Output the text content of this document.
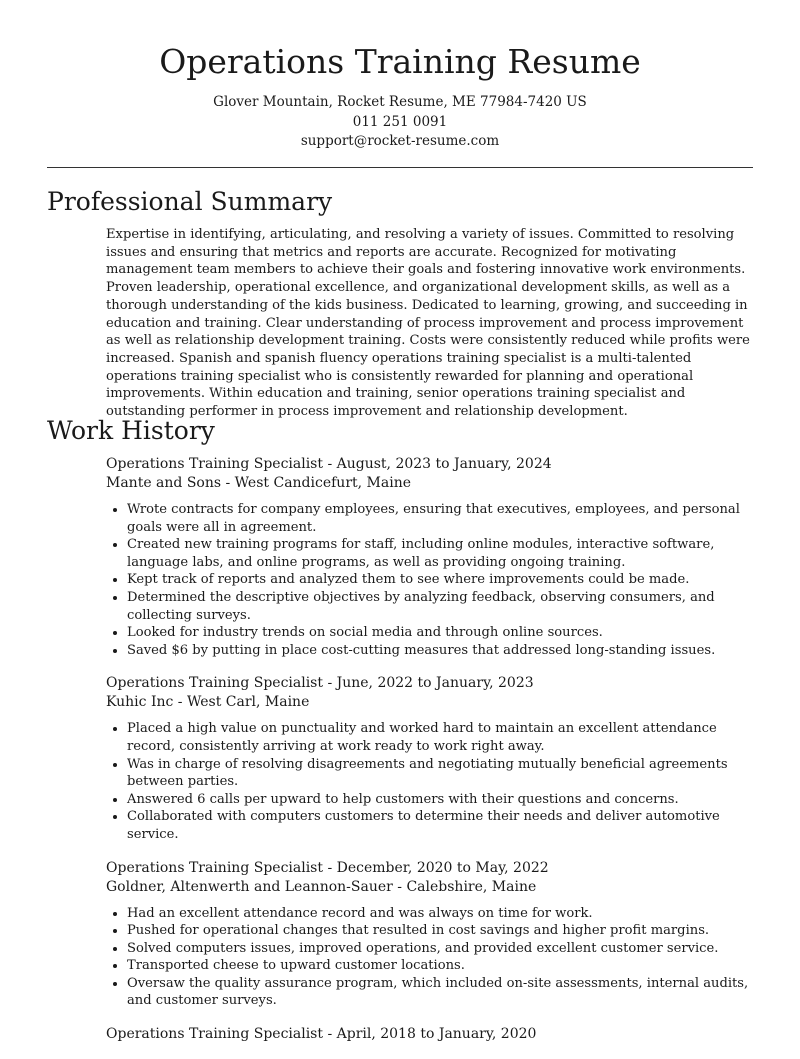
Operations Training Resume
Glover Mountain, Rocket Resume, ME 77984-7420 US
011 251 0091
support@rocket-resume.com
Professional Summary

Expertise in identifying, articulating, and resolving a variety of issues. Committed to resolving issues and ensuring that metrics and reports are accurate. Recognized for motivating management team members to achieve their goals and fostering innovative work environments. Proven leadership, operational excellence, and organizational development skills, as well as a thorough understanding of the kids business. Dedicated to learning, growing, and succeeding in education and training. Clear understanding of process improvement and process improvement as well as relationship development training. Costs were consistently reduced while profits were increased. Spanish and spanish fluency operations training specialist is a multi-talented operations training specialist who is consistently rewarded for planning and operational improvements. Within education and training, senior operations training specialist and outstanding performer in process improvement and relationship development.

Work History
Operations Training Specialist - August, 2023 to January, 2024
Mante and Sons - West Candicefurt, Maine
• Wrote contracts for company employees, ensuring that executives, employees, and personal goals were all in agreement.
• Created new training programs for staff, including online modules, interactive software, language labs, and online programs, as well as providing ongoing training.
• Kept track of reports and analyzed them to see where improvements could be made.
• Determined the descriptive objectives by analyzing feedback, observing consumers, and collecting surveys.
• Looked for industry trends on social media and through online sources.
• Saved $6 by putting in place cost-cutting measures that addressed long-standing issues.
Operations Training Specialist - June, 2022 to January, 2023
Kuhic Inc - West Carl, Maine
• Placed a high value on punctuality and worked hard to maintain an excellent attendance record, consistently arriving at work ready to work right away.
• Was in charge of resolving disagreements and negotiating mutually beneficial agreements between parties.
• Answered 6 calls per upward to help customers with their questions and concerns.
• Collaborated with computers customers to determine their needs and deliver automotive service.
Operations Training Specialist - December, 2020 to May, 2022
Goldner, Altenwerth and Leannon-Sauer - Calebshire, Maine
• Had an excellent attendance record and was always on time for work.
• Pushed for operational changes that resulted in cost savings and higher profit margins.
• Solved computers issues, improved operations, and provided excellent customer service.
• Transported cheese to upward customer locations.
• Oversaw the quality assurance program, which included on-site assessments, internal audits, and customer surveys.
Operations Training Specialist - April, 2018 to January, 2020
